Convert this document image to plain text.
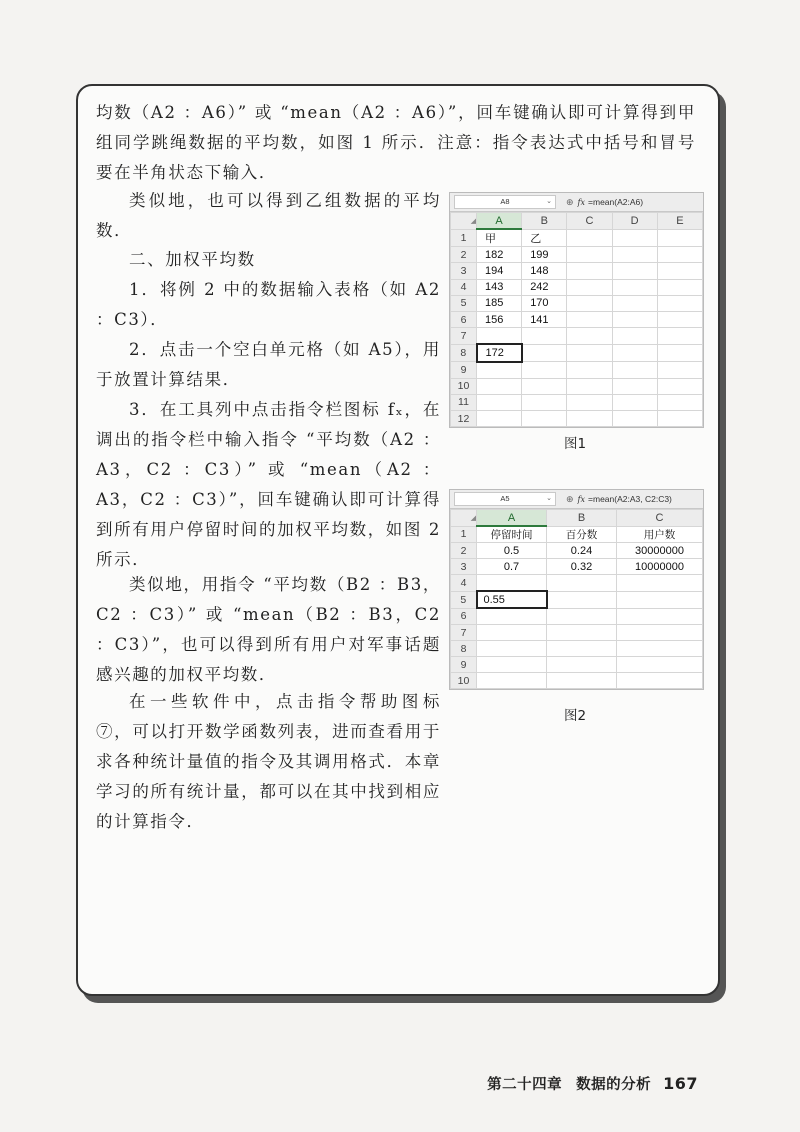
均数（A2 ：A6）” 或 “mean（A2 ：A6）”，回车键确认即可计算得到甲组同学跳绳数据的平均数，如图 1 所示．注意：指令表达式中括号和冒号要在半角状态下输入．

类似地，也可以得到乙组数据的平均数．

二、加权平均数

1．将例 2 中的数据输入表格（如 A2 ：C3）．

2．点击一个空白单元格（如 A5），用于放置计算结果．

3．在工具列中点击指令栏图标 fₓ，在调出的指令栏中输入指令 “平均数（A2 ：A3，C2 ：C3）” 或 “mean（A2 ：A3，C2 ：C3）”，回车键确认即可计算得到所有用户停留时间的加权平均数，如图 2 所示．

类似地，用指令 “平均数（B2 ：B3，C2 ：C3）” 或 “mean（B2 ：B3，C2 ：C3）”，也可以得到所有用户对军事话题感兴趣的加权平均数．

在一些软件中，点击指令帮助图标 ⑦，可以打开数学函数列表，进而查看用于求各种统计量值的指令及其调用格式．本章学习的所有统计量，都可以在其中找到相应的计算指令．

A8	⌄ ⊕ fx =mean(A2:A6)
◢	A	B	C	D	E
1	甲	乙			
2	182	199			
3	194	148			
4	143	242			
5	185	170			
6	156	141			
7					
8	172				
9					
10					
11					
12					
图1
A5	⌄ ⊕ fx =mean(A2:A3, C2:C3)
◢	A	B	C
1	停留时间	百分数	用户数
2	0.5	0.24	30000000
3	0.7	0.32	10000000
4			
5	0.55		
6			
7			
8			
9			
10			
图2
第二十四章 数据的分析 167
